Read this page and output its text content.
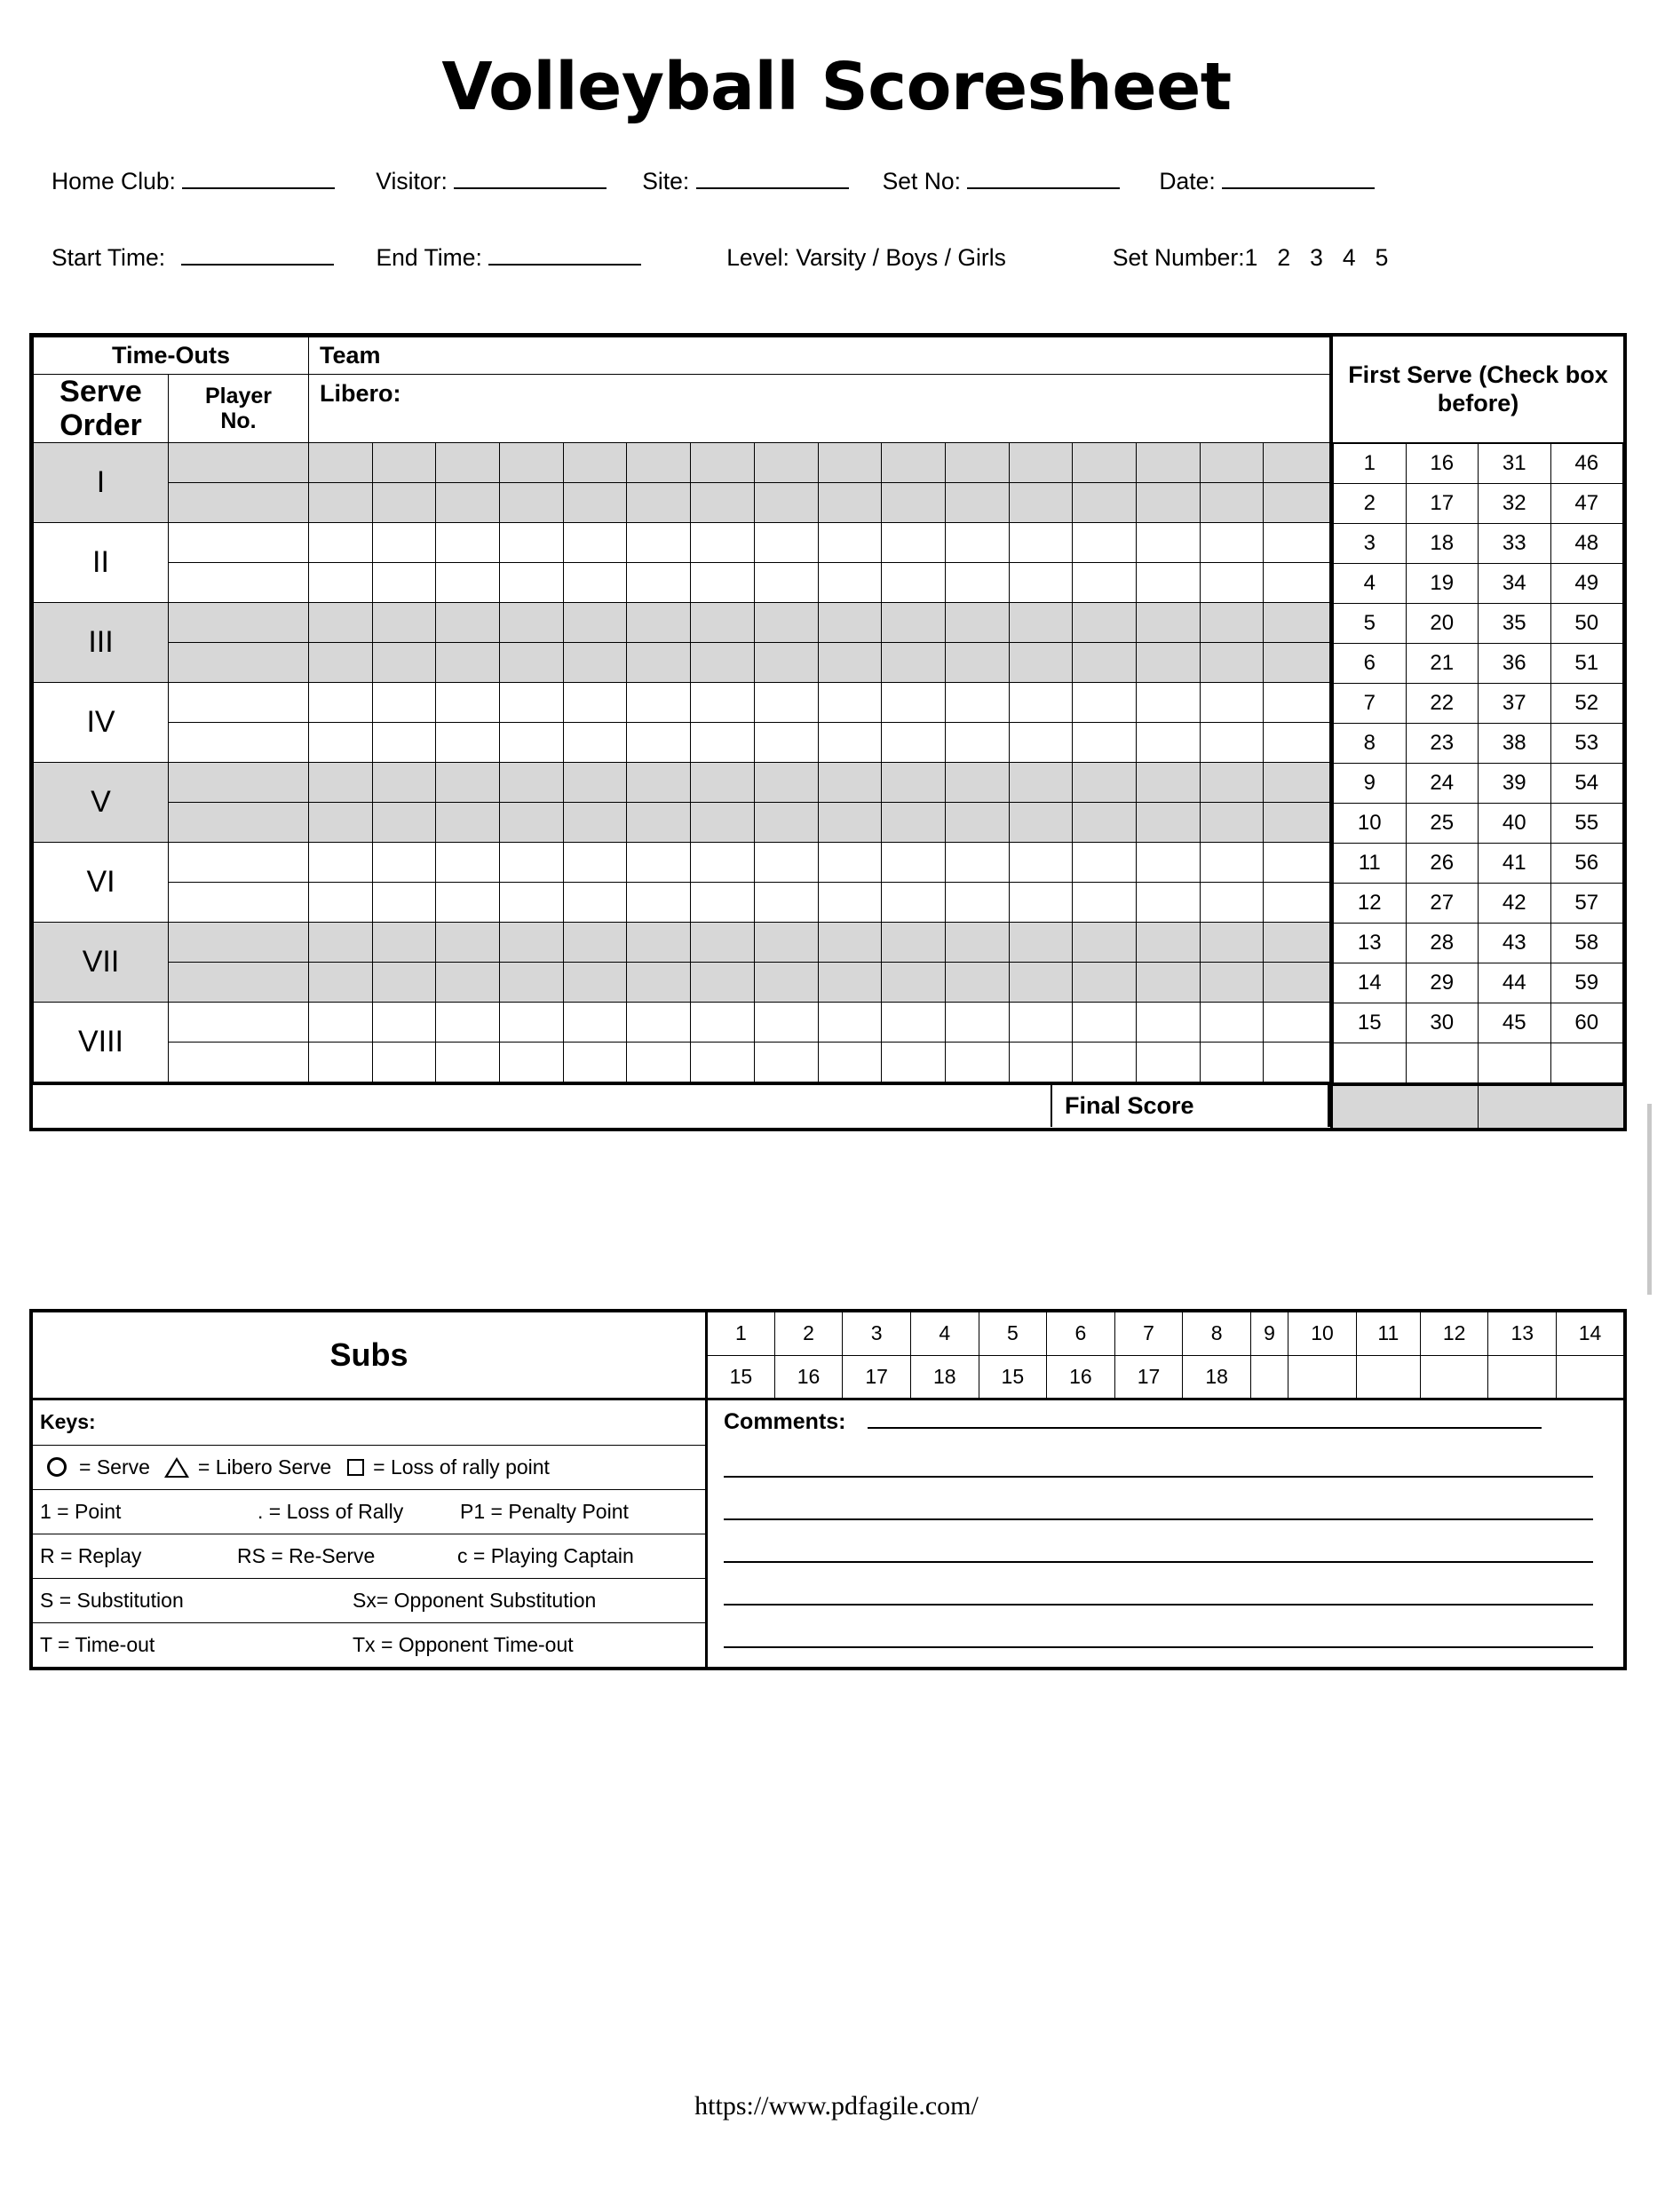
Volleyball Scoresheet
Home Club:	Visitor:	Site:	Set No:	Date:
Start Time:	End Time:	Level: Varsity / Boys / Girls	Set Number: 1 2 3 4 5
Time-Outs		Team															
Serve
Order	Player
No.	Libero:															
I																	

II																	

III																	

IV																	

V																	

VI																	

VII																	

VIII																	

Final Score
First Serve (Check box before)
1	16	31	46
2	17	32	47
3	18	33	48
4	19	34	49
5	20	35	50
6	21	36	51
7	22	37	52
8	23	38	53
9	24	39	54
10	25	40	55
11	26	41	56
12	27	42	57
13	28	43	58
14	29	44	59
15	30	45	60

Subs
1	2	3	4	5	6	7	8	9	10	11	12	13	14
15	16	17	18	15	16	17	18						
Keys:

= Serve = Libero Serve = Loss of rally point

1 = Point	. = Loss of Rally	P1 = Penalty Point

R = Replay	RS = Re-Serve	c = Playing Captain

S = Substitution	Sx= Opponent Substitution

T = Time-out	Tx = Opponent Time-out
Comments:
https://www.pdfagile.com/
